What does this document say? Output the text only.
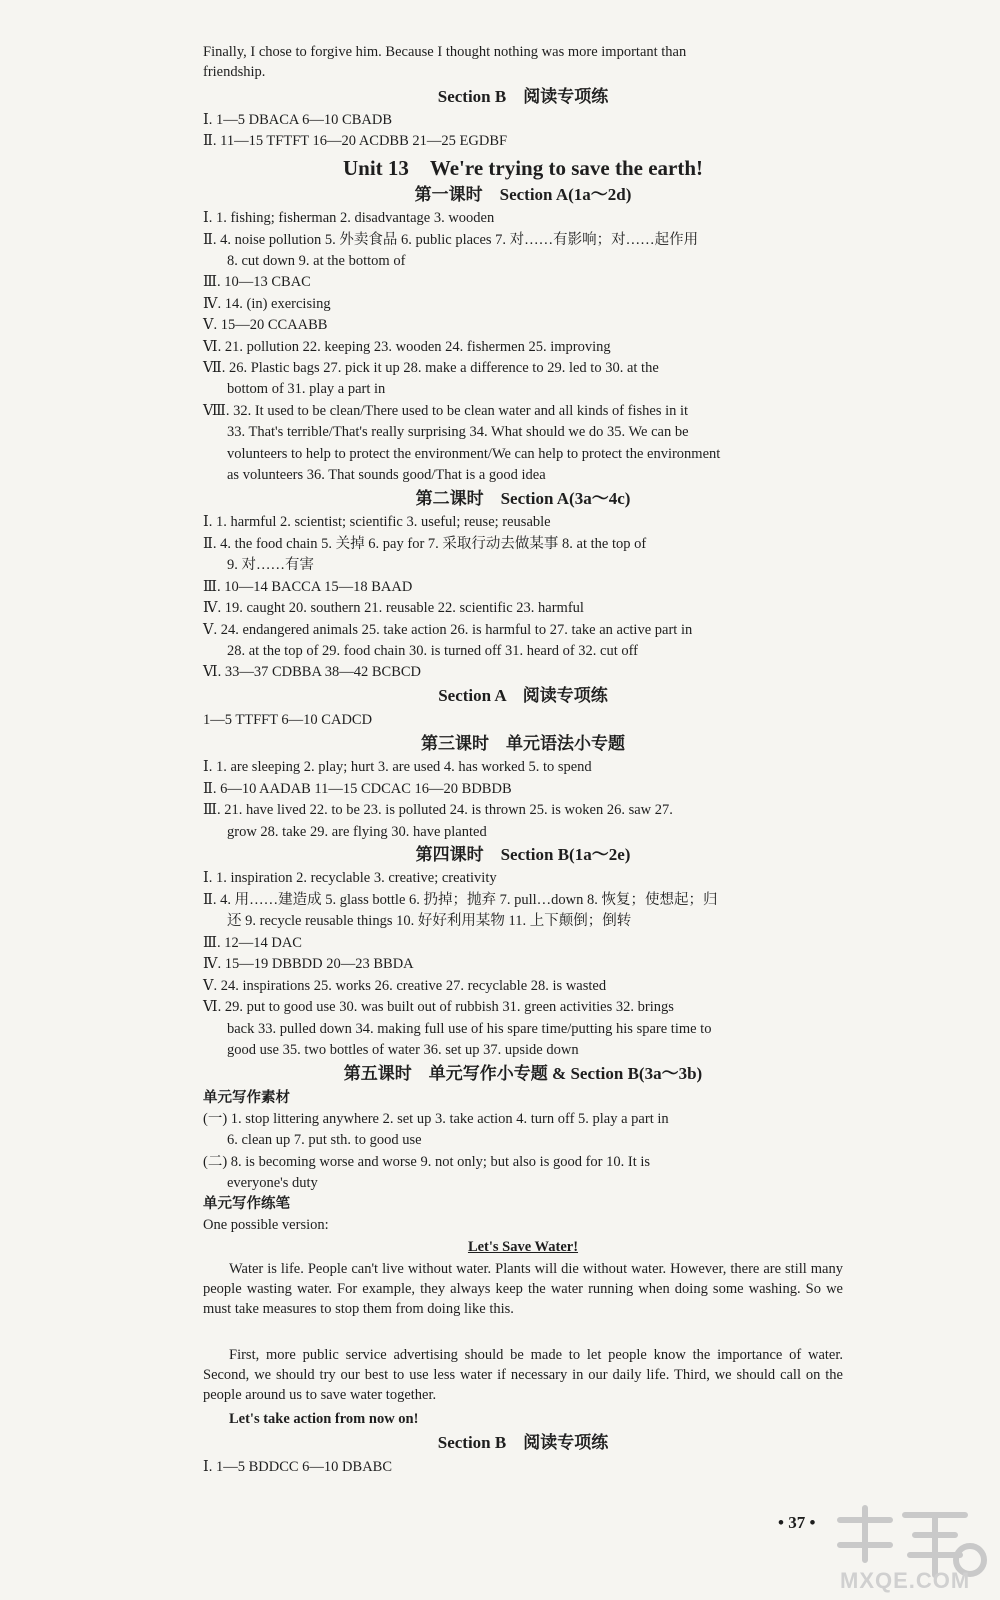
Finally, I chose to forgive him. Because I thought nothing was more important than
friendship.
Section B　阅读专项练
Ⅰ. 1—5 DBACA 6—10 CBADB
Ⅱ. 11—15 TFTFT 16—20 ACDBB 21—25 EGDBF
Unit 13　We're trying to save the earth!
第一课时　Section A(1a～2d)
Ⅰ. 1. fishing; fisherman 2. disadvantage 3. wooden
Ⅱ. 4. noise pollution 5. 外卖食品 6. public places 7. 对……有影响；对……起作用
8. cut down 9. at the bottom of
Ⅲ. 10—13 CBAC
Ⅳ. 14. (in) exercising
Ⅴ. 15—20 CCAABB
Ⅵ. 21. pollution 22. keeping 23. wooden 24. fishermen 25. improving
Ⅶ. 26. Plastic bags 27. pick it up 28. make a difference to 29. led to 30. at the
bottom of 31. play a part in
Ⅷ. 32. It used to be clean/There used to be clean water and all kinds of fishes in it
33. That's terrible/That's really surprising 34. What should we do 35. We can be
volunteers to help to protect the environment/We can help to protect the environment
as volunteers 36. That sounds good/That is a good idea
第二课时　Section A(3a～4c)
Ⅰ. 1. harmful 2. scientist; scientific 3. useful; reuse; reusable
Ⅱ. 4. the food chain 5. 关掉 6. pay for 7. 采取行动去做某事 8. at the top of
9. 对……有害
Ⅲ. 10—14 BACCA 15—18 BAAD
Ⅳ. 19. caught 20. southern 21. reusable 22. scientific 23. harmful
Ⅴ. 24. endangered animals 25. take action 26. is harmful to 27. take an active part in
28. at the top of 29. food chain 30. is turned off 31. heard of 32. cut off
Ⅵ. 33—37 CDBBA 38—42 BCBCD
Section A　阅读专项练
1—5 TTFFT 6—10 CADCD
第三课时　单元语法小专题
Ⅰ. 1. are sleeping 2. play; hurt 3. are used 4. has worked 5. to spend
Ⅱ. 6—10 AADAB 11—15 CDCAC 16—20 BDBDB
Ⅲ. 21. have lived 22. to be 23. is polluted 24. is thrown 25. is woken 26. saw 27.
grow 28. take 29. are flying 30. have planted
第四课时　Section B(1a～2e)
Ⅰ. 1. inspiration 2. recyclable 3. creative; creativity
Ⅱ. 4. 用……建造成 5. glass bottle 6. 扔掉；抛弃 7. pull…down 8. 恢复；使想起；归
还 9. recycle reusable things 10. 好好利用某物 11. 上下颠倒；倒转
Ⅲ. 12—14 DAC
Ⅳ. 15—19 DBBDD 20—23 BBDA
Ⅴ. 24. inspirations 25. works 26. creative 27. recyclable 28. is wasted
Ⅵ. 29. put to good use 30. was built out of rubbish 31. green activities 32. brings
back 33. pulled down 34. making full use of his spare time/putting his spare time to
good use 35. two bottles of water 36. set up 37. upside down
第五课时　单元写作小专题 & Section B(3a～3b)
单元写作素材
(一) 1. stop littering anywhere 2. set up 3. take action 4. turn off 5. play a part in
6. clean up 7. put sth. to good use
(二) 8. is becoming worse and worse 9. not only; but also is good for 10. It is
everyone's duty
单元写作练笔
One possible version:
Let's Save Water!
Water is life. People can't live without water. Plants will die without water. However, there are still many people wasting water. For example, they always keep the water running when doing some washing. So we must take measures to stop them from doing like this.
First, more public service advertising should be made to let people know the importance of water. Second, we should try our best to use less water if necessary in our daily life. Third, we should call on the people around us to save water together.
Let's take action from now on!
Section B　阅读专项练
Ⅰ. 1—5 BDDCC 6—10 DBABC
• 37 •
MXQE.COM
